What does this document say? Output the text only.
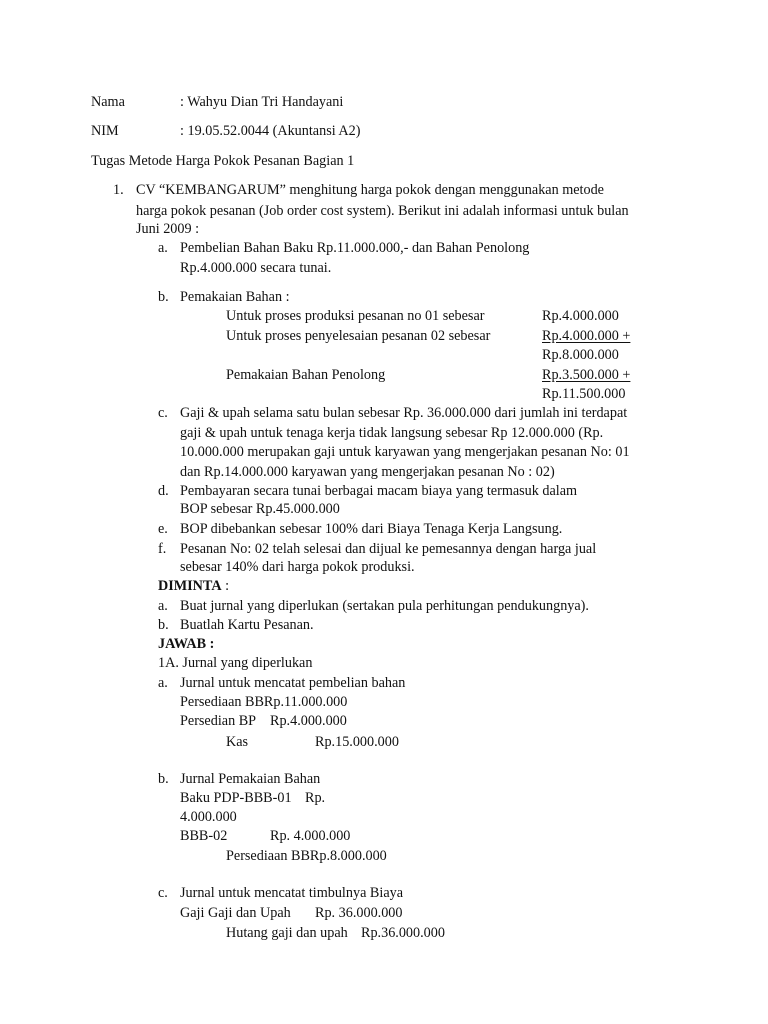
Nama	: Wahyu Dian Tri Handayani
NIM	: 19.05.52.0044 (Akuntansi A2)
Tugas Metode Harga Pokok Pesanan Bagian 1
1. CV “KEMBANGARUM” menghitung harga pokok dengan menggunakan metode
harga pokok pesanan (Job order cost system). Berikut ini adalah informasi untuk bulan
Juni 2009 :
a. Pembelian Bahan Baku Rp.11.000.000,- dan Bahan Penolong
Rp.4.000.000 secara tunai.
b. Pemakaian Bahan :
Untuk proses produksi pesanan no 01 sebesar	Rp.4.000.000
Untuk proses penyelesaian pesanan 02 sebesar	Rp.4.000.000 +
Rp.8.000.000
Pemakaian Bahan Penolong	Rp.3.500.000 +
Rp.11.500.000
c. Gaji & upah selama satu bulan sebesar Rp. 36.000.000 dari jumlah ini terdapat
gaji & upah untuk tenaga kerja tidak langsung sebesar Rp 12.000.000 (Rp.
10.000.000 merupakan gaji untuk karyawan yang mengerjakan pesanan No: 01
dan Rp.14.000.000 karyawan yang mengerjakan pesanan No : 02)
d. Pembayaran secara tunai berbagai macam biaya yang termasuk dalam
BOP sebesar Rp.45.000.000
e. BOP dibebankan sebesar 100% dari Biaya Tenaga Kerja Langsung.
f. Pesanan No: 02 telah selesai dan dijual ke pemesannya dengan harga jual
sebesar 140% dari harga pokok produksi.
DIMINTA :
a. Buat jurnal yang diperlukan (sertakan pula perhitungan pendukungnya).
b. Buatlah Kartu Pesanan.
JAWAB :
1A. Jurnal yang diperlukan
a. Jurnal untuk mencatat pembelian bahan
Persediaan BBRp.11.000.000
Persedian BP Rp.4.000.000
Kas	Rp.15.000.000
b. Jurnal Pemakaian Bahan
Baku PDP-BBB-01 Rp.
4.000.000
BBB-02	Rp. 4.000.000
Persediaan BBRp.8.000.000
c. Jurnal untuk mencatat timbulnya Biaya
Gaji Gaji dan Upah Rp. 36.000.000
Hutang gaji dan upah Rp.36.000.000
